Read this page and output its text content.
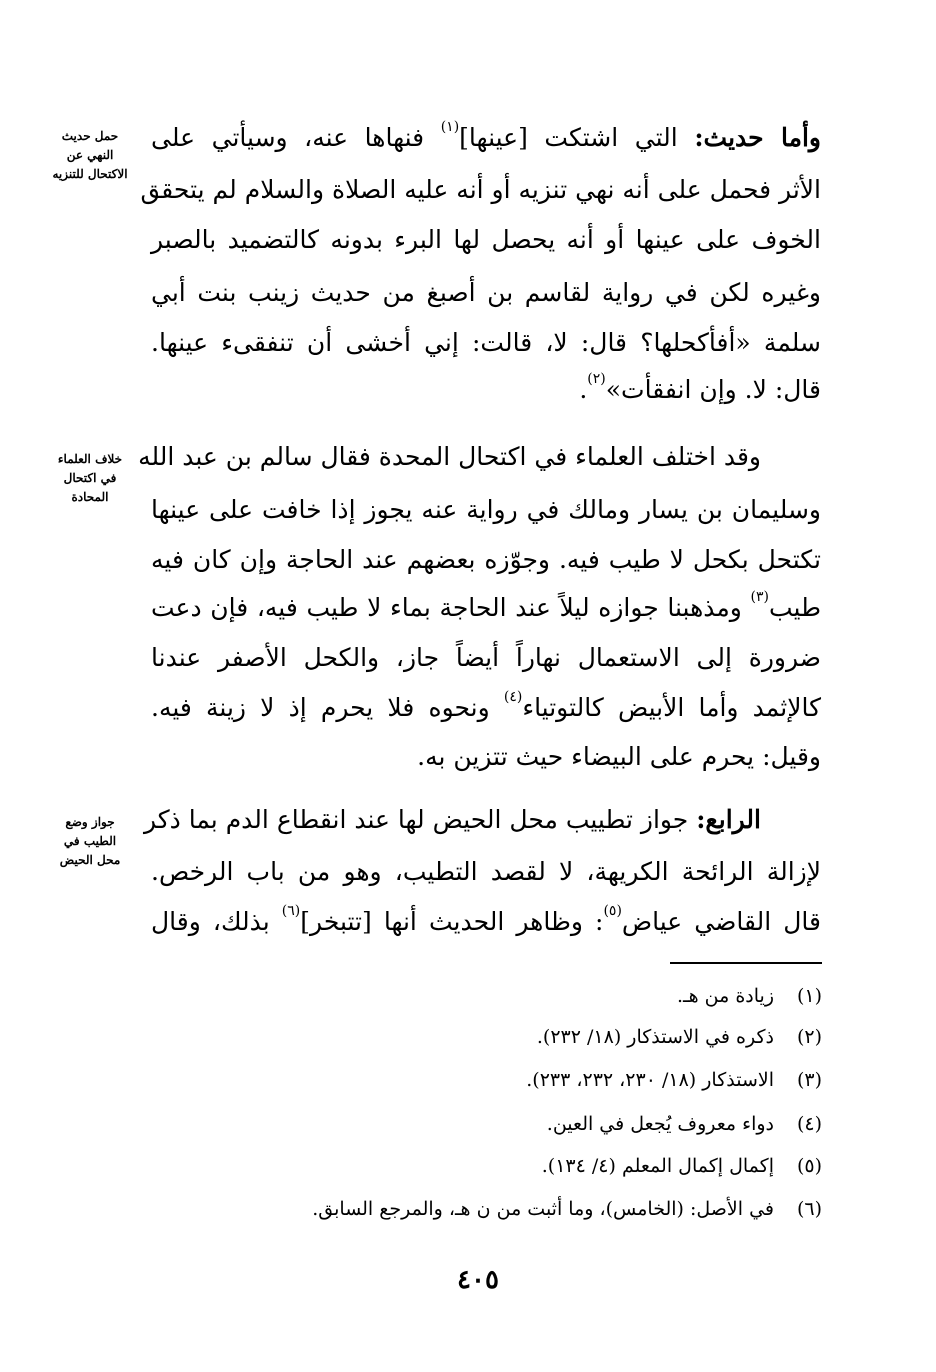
وأما حديث: التي اشتكت [عينها]$^{(١)}$ فنهاها عنه، وسيأتي على
الأثر فحمل على أنه نهي تنزيه أو أنه عليه الصلاة والسلام لم يتحقق
الخوف على عينها أو أنه يحصل لها البرء بدونه كالتضميد بالصبر
وغيره لكن في رواية لقاسم بن أصبغ من حديث زينب بنت أبي
سلمة «أفأكحلها؟ قال: لا، قالت: إني أخشى أن تنفقىء عينها.
قال: لا. وإن انفقأت»$^{(٢)}$.
وقد اختلف العلماء في اكتحال المحدة فقال سالم بن عبد الله
وسليمان بن يسار ومالك في رواية عنه يجوز إذا خافت على عينها
تكتحل بكحل لا طيب فيه. وجوّزه بعضهم عند الحاجة وإن كان فيه
طيب$^{(٣)}$ ومذهبنا جوازه ليلاً عند الحاجة بماء لا طيب فيه، فإن دعت
ضرورة إلى الاستعمال نهاراً أيضاً جاز، والكحل الأصفر عندنا
كالإثمد وأما الأبيض كالتوتياء$^{(٤)}$ ونحوه فلا يحرم إذ لا زينة فيه.
وقيل: يحرم على البيضاء حيث تتزين به.
الرابع: جواز تطييب محل الحيض لها عند انقطاع الدم بما ذكر
لإزالة الرائحة الكريهة، لا لقصد التطيب، وهو من باب الرخص.
قال القاضي عياض$^{(٥)}$: وظاهر الحديث أنها [تتبخر]$^{(٦)}$ بذلك، وقال
حمل حديث
النهي عن
الاكتحال للتنزيه
خلاف العلماء
في اكتحال
المحادة
جواز وضع
الطيب في
محل الحيض
(١)زيادة من هـ.
(٢)ذكره في الاستذكار (١٨/ ٢٣٢).
(٣)الاستذكار (١٨/ ٢٣٠، ٢٣٢، ٢٣٣).
(٤)دواء معروف يُجعل في العين.
(٥)إكمال إكمال المعلم (٤/ ١٣٤).
(٦)في الأصل: (الخامس)، وما أثبت من ن هـ، والمرجع السابق.
٤٠٥
